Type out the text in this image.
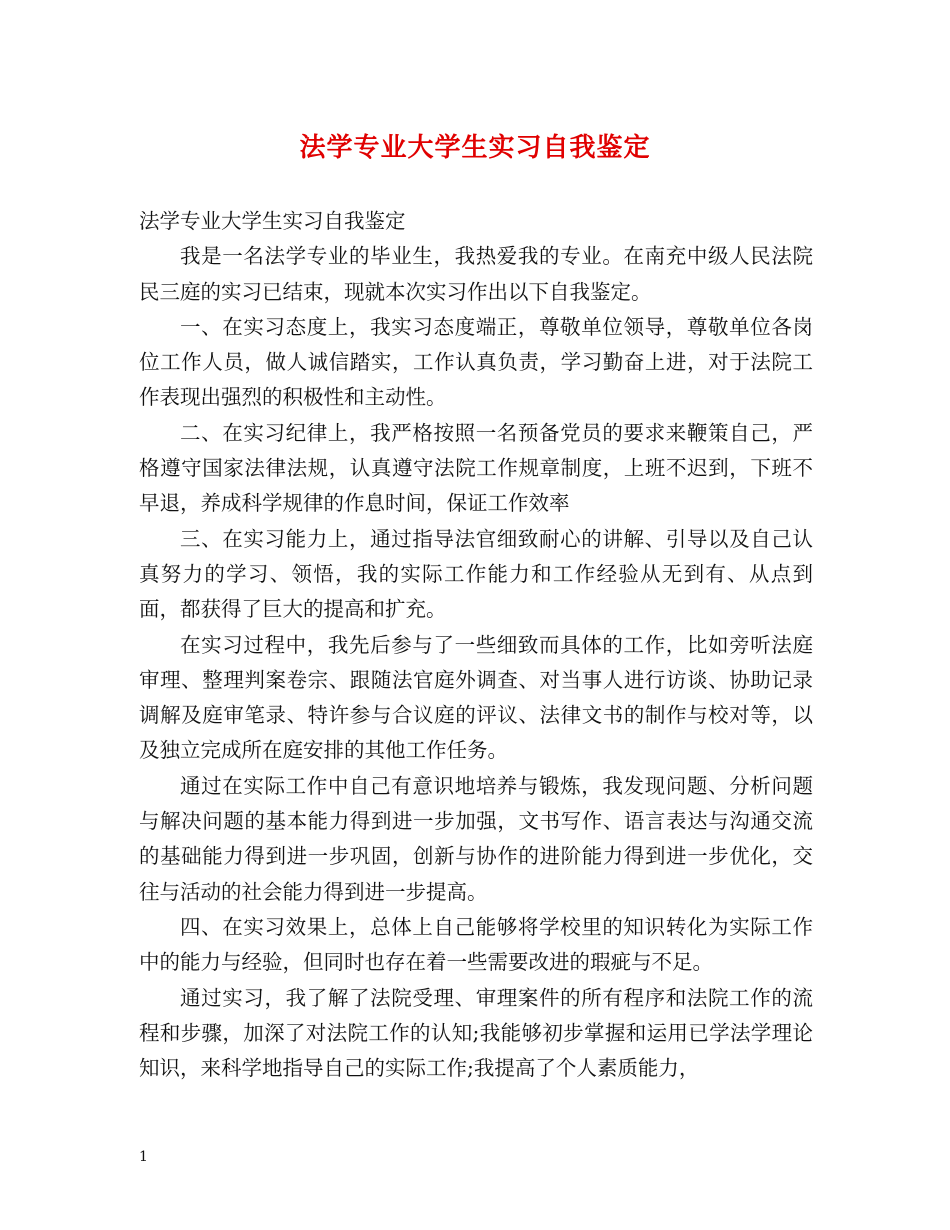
法学专业大学生实习自我鉴定

法学专业大学生实习自我鉴定

我是一名法学专业的毕业生，我热爱我的专业。在南充中级人民法院民三庭的实习已结束，现就本次实习作出以下自我鉴定。

一、在实习态度上，我实习态度端正，尊敬单位领导，尊敬单位各岗位工作人员，做人诚信踏实，工作认真负责，学习勤奋上进，对于法院工作表现出强烈的积极性和主动性。

二、在实习纪律上，我严格按照一名预备党员的要求来鞭策自己，严格遵守国家法律法规，认真遵守法院工作规章制度，上班不迟到，下班不早退，养成科学规律的作息时间，保证工作效率

三、在实习能力上，通过指导法官细致耐心的讲解、引导以及自己认真努力的学习、领悟，我的实际工作能力和工作经验从无到有、从点到面，都获得了巨大的提高和扩充。

在实习过程中，我先后参与了一些细致而具体的工作，比如旁听法庭审理、整理判案卷宗、跟随法官庭外调查、对当事人进行访谈、协助记录调解及庭审笔录、特许参与合议庭的评议、法律文书的制作与校对等，以及独立完成所在庭安排的其他工作任务。

通过在实际工作中自己有意识地培养与锻炼，我发现问题、分析问题与解决问题的基本能力得到进一步加强，文书写作、语言表达与沟通交流的基础能力得到进一步巩固，创新与协作的进阶能力得到进一步优化，交往与活动的社会能力得到进一步提高。

四、在实习效果上，总体上自己能够将学校里的知识转化为实际工作中的能力与经验，但同时也存在着一些需要改进的瑕疵与不足。

通过实习，我了解了法院受理、审理案件的所有程序和法院工作的流程和步骤，加深了对法院工作的认知;我能够初步掌握和运用已学法学理论知识，来科学地指导自己的实际工作;我提高了个人素质能力，

1
